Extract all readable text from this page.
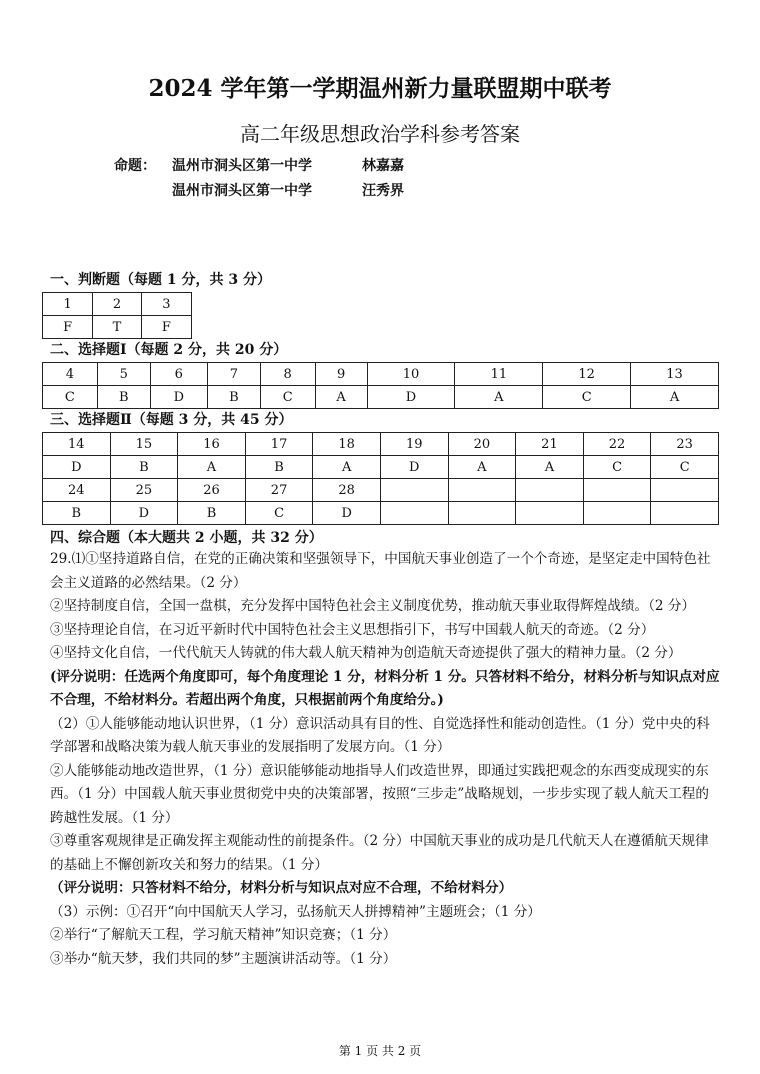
2024 学年第一学期温州新力量联盟期中联考
高二年级思想政治学科参考答案
命题： 温州市洞头区第一中学	林嘉嘉
温州市洞头区第一中学	汪秀界
一、判断题（每题 1 分，共 3 分）
1	2	3
F	T	F
二、选择题Ⅰ（每题 2 分，共 20 分）
4	5	6	7	8	9	10	11	12	13
C	B	D	B	C	A	D	A	C	A
三、选择题Ⅱ（每题 3 分，共 45 分）
14	15	16	17	18	19	20	21	22	23
D	B	A	B	A	D	A	A	C	C
24	25	26	27	28					
B	D	B	C	D					
四、综合题（本大题共 2 小题，共 32 分）

29.⑴①坚持道路自信，在党的正确决策和坚强领导下，中国航天事业创造了一个个奇迹，是坚定走中国特色社会主义道路的必然结果。（2 分）

②坚持制度自信，全国一盘棋，充分发挥中国特色社会主义制度优势，推动航天事业取得辉煌战绩。（2 分）

③坚持理论自信，在习近平新时代中国特色社会主义思想指引下，书写中国载人航天的奇迹。（2 分）

④坚持文化自信，一代代航天人铸就的伟大载人航天精神为创造航天奇迹提供了强大的精神力量。（2 分）

(评分说明：任选两个角度即可，每个角度理论 1 分，材料分析 1 分。只答材料不给分，材料分析与知识点对应不合理，不给材料分。若超出两个角度，只根据前两个角度给分。)

（2）①人能够能动地认识世界，（1 分）意识活动具有目的性、自觉选择性和能动创造性。（1 分）党中央的科学部署和战略决策为载人航天事业的发展指明了发展方向。（1 分）

②人能够能动地改造世界，（1 分）意识能够能动地指导人们改造世界，即通过实践把观念的东西变成现实的东西。（1 分）中国载人航天事业贯彻党中央的决策部署，按照“三步走”战略规划，一步步实现了载人航天工程的跨越性发展。（1 分）

③尊重客观规律是正确发挥主观能动性的前提条件。（2 分）中国航天事业的成功是几代航天人在遵循航天规律的基础上不懈创新攻关和努力的结果。（1 分）

（评分说明：只答材料不给分，材料分析与知识点对应不合理，不给材料分）

（3）示例：①召开“向中国航天人学习，弘扬航天人拼搏精神”主题班会；（1 分）

②举行“了解航天工程，学习航天精神”知识竞赛；（1 分）

③举办“航天梦，我们共同的梦”主题演讲活动等。（1 分）

第 1 页 共 2 页
